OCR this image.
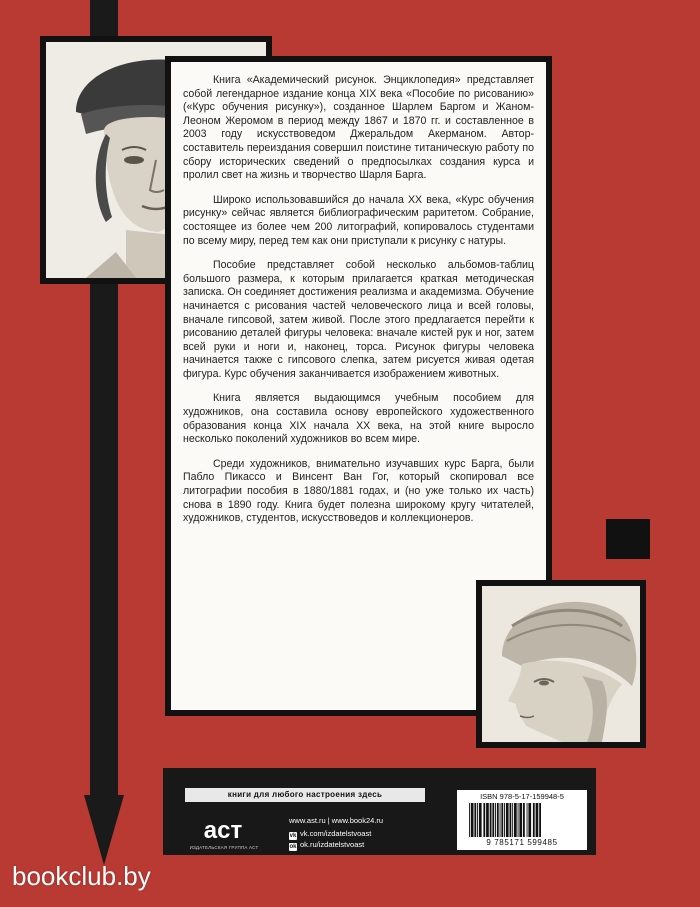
Книга «Академический рисунок. Энциклопедия» представляет собой легендарное издание конца XIX века «Пособие по рисованию» («Курс обучения рисунку»), созданное Шарлем Баргом и Жаном-Леоном Жеромом в период между 1867 и 1870 гг. и составленное в 2003 году искусствоведом Джеральдом Акерманом. Автор-составитель переиздания совершил поистине титаническую работу по сбору исторических сведений о предпосылках создания курса и пролил свет на жизнь и творчество Шарля Барга.

Широко использовавшийся до начала XX века, «Курс обучения рисунку» сейчас является библиографическим раритетом. Собрание, состоящее из более чем 200 литографий, копировалось студентами по всему миру, перед тем как они приступали к рисунку с натуры.

Пособие представляет собой несколько альбомов-таблиц большого размера, к которым прилагается краткая методическая записка. Он соединяет достижения реализма и академизма. Обучение начинается с рисования частей человеческого лица и всей головы, вначале гипсовой, затем живой. После этого предлагается перейти к рисованию деталей фигуры человека: вначале кистей рук и ног, затем всей руки и ноги и, наконец, торса. Рисунок фигуры человека начинается также с гипсового слепка, затем рисуется живая одетая фигура. Курс обучения заканчивается изображением животных.

Книга является выдающимся учебным пособием для художников, она составила основу европейского художественного образования конца XIX начала XX века, на этой книге выросло несколько поколений художников во всем мире.

Среди художников, внимательно изучавших курс Барга, были Пабло Пикассо и Винсент Ван Гог, который скопировал все литографии пособия в 1880/1881 годах, и (но уже только их часть) снова в 1890 году. Книга будет полезна широкому кругу читателей, художников, студентов, искусствоведов и коллекционеров.

книги для любого настроения здесь
аст
ИЗДАТЕЛЬСКАЯ ГРУППА АСТ
www.ast.ru | www.book24.ru
vk vk.com/izdatelstvoast
ok ok.ru/izdatelstvoast
ISBN 978-5-17-159948-5
9 785171 599485
bookclub.by
